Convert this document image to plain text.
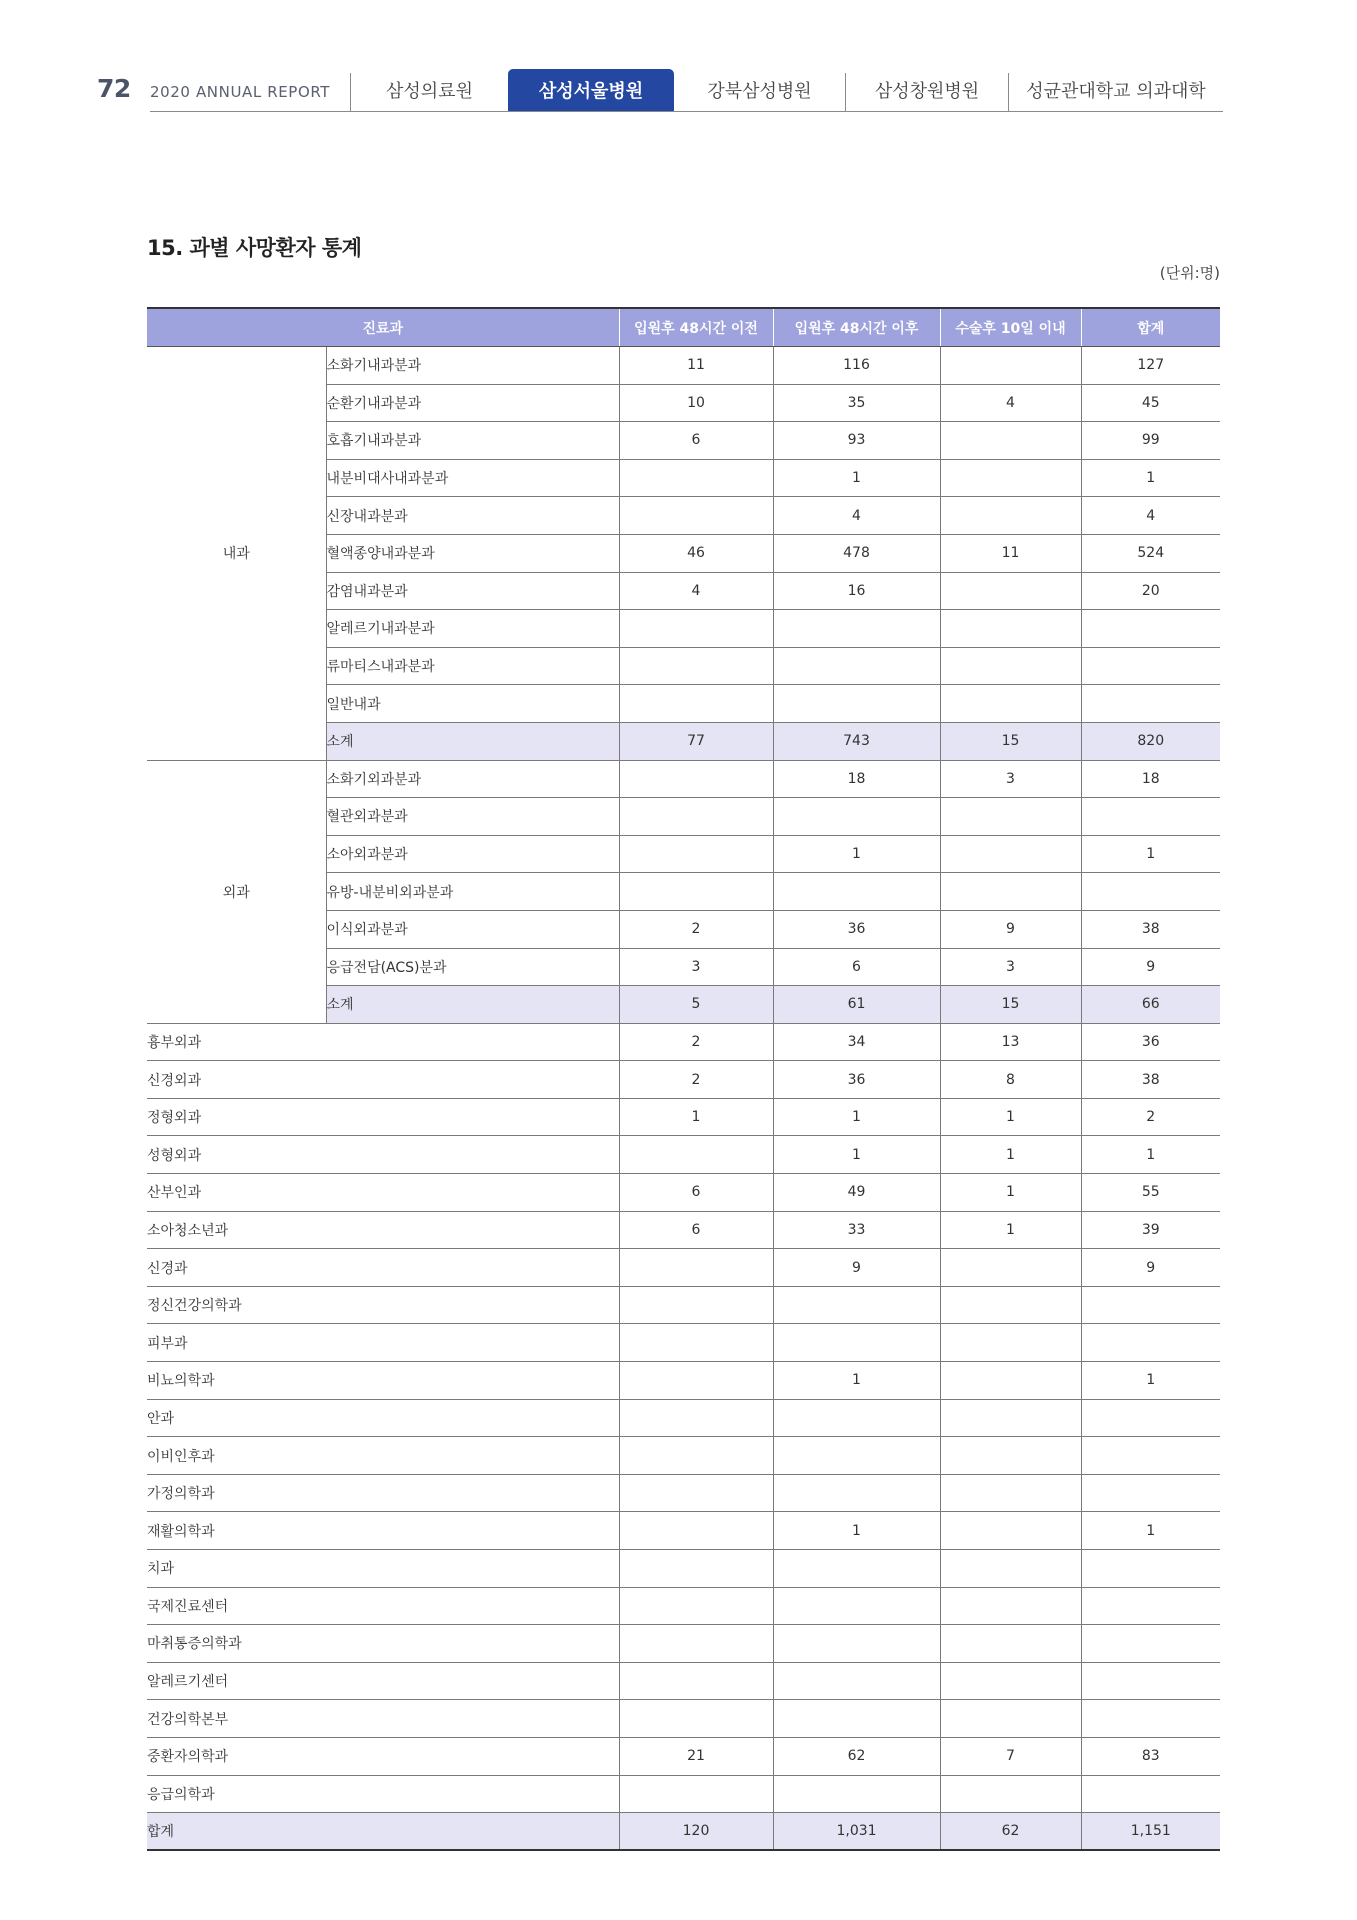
72 2020 ANNUAL REPORT	삼성의료원	삼성서울병원	강북삼성병원	삼성창원병원	성균관대학교 의과대학
15. 과별 사망환자 통계
(단위:명)
진료과		입원후 48시간 이전	입원후 48시간 이후	수술후 10일 이내	합계
내과	소화기내과분과	11	116		127
	순환기내과분과	10	35	4	45
	호흡기내과분과	6	93		99
	내분비대사내과분과		1		1
	신장내과분과		4		4
	혈액종양내과분과	46	478	11	524
	감염내과분과	4	16		20
	알레르기내과분과				
	류마티스내과분과				
	일반내과				
	소계	77	743	15	820
외과	소화기외과분과		18	3	18
	혈관외과분과				
	소아외과분과		1		1
	유방-내분비외과분과				
	이식외과분과	2	36	9	38
	응급전담(ACS)분과	3	6	3	9
	소계	5	61	15	66
흉부외과		2	34	13	36
신경외과		2	36	8	38
정형외과		1	1	1	2
성형외과			1	1	1
산부인과		6	49	1	55
소아청소년과		6	33	1	39
신경과			9		9
정신건강의학과					
피부과					
비뇨의학과			1		1
안과					
이비인후과					
가정의학과					
재활의학과			1		1
치과					
국제진료센터					
마취통증의학과					
알레르기센터					
건강의학본부					
중환자의학과		21	62	7	83
응급의학과					
합계		120	1,031	62	1,151
